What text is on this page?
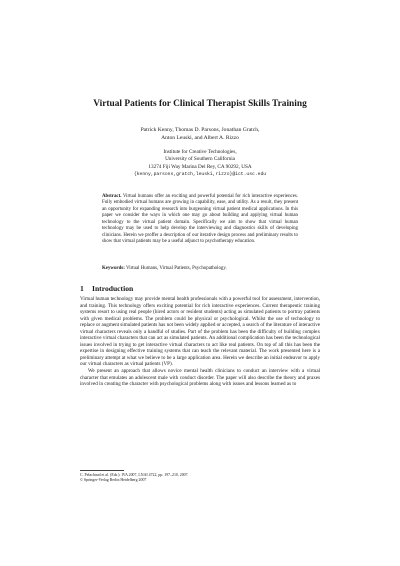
Virtual Patients for Clinical Therapist Skills Training
Patrick Kenny, Thomas D. Parsons, Jonathan Gratch,
Anton Leuski, and Albert A. Rizzo
Institute for Creative Technologies,
University of Southern California
13274 Fiji Way Marina Del Rey, CA 90292, USA
{kenny,parsons,gratch,leuski,rizzo}@ict.usc.edu

Abstract. Virtual humans offer an exciting and powerful potential for rich interactive experiences. Fully embodied virtual humans are growing in capability, ease, and utility. As a result, they present an opportunity for expanding research into burgeoning virtual patient medical applications. In this paper we consider the ways in which one may go about building and applying virtual human technology to the virtual patient domain. Specifically we aim to show that virtual human technology may be used to help develop the interviewing and diagnostics skills of developing clinicians. Herein we proffer a description of our iterative design process and preliminary results to show that virtual patients may be a useful adjunct to psychotherapy education.

Keywords: Virtual Humans, Virtual Patients, Psychopathology.

1 Introduction

Virtual human technology may provide mental health professionals with a powerful tool for assessment, intervention, and training. This technology offers exciting potential for rich interactive experiences. Current therapeutic training systems resort to using real people (hired actors or resident students) acting as simulated patients to portray patients with given medical problems. The problem could be physical or psychological. Whilst the use of technology to replace or augment simulated patients has not been widely applied or accepted, a search of the literature of interactive virtual characters reveals only a handful of studies. Part of the problem has been the difficulty of building complex interactive virtual characters that can act as simulated patients. An additional complication has been the technological issues involved in trying to get interactive virtual characters to act like real patients. On top of all this has been the expertise in designing effective training systems that can teach the relevant material. The work presented here is a preliminary attempt at what we believe to be a large application area. Herein we describe an initial endeavor to apply our virtual characters as virtual patients (VP).

We present an approach that allows novice mental health clinicians to conduct an interview with a virtual character that emulates an adolescent male with conduct disorder. The paper will also describe the theory and praxes involved in creating the character with psychological problems along with issues and lessons learned as to

C. Pelachaud et al. (Eds.): IVA 2007, LNAI 4722, pp. 197–210, 2007.
© Springer-Verlag Berlin Heidelberg 2007
